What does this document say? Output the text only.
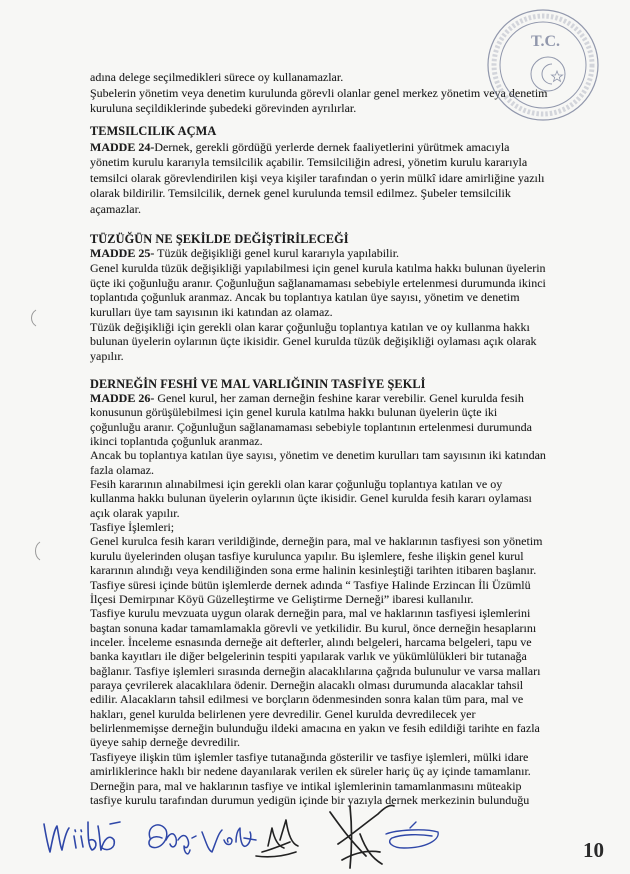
adına delege seçilmedikleri sürece oy kullanamazlar.
Şubelerin yönetim veya denetim kurulunda görevli olanlar genel merkez yönetim veya denetim
kuruluna seçildiklerinde şubedeki görevinden ayrılırlar.
TEMSILCILIK AÇMA
MADDE 24-Dernek, gerekli gördüğü yerlerde dernek faaliyetlerini yürütmek amacıyla
yönetim kurulu kararıyla temsilcilik açabilir. Temsilciliğin adresi, yönetim kurulu kararıyla
temsilci olarak görevlendirilen kişi veya kişiler tarafından o yerin mülkî idare amirliğine yazılı
olarak bildirilir. Temsilcilik, dernek genel kurulunda temsil edilmez. Şubeler temsilcilik
açamazlar.
TÜZÜĞÜN NE ŞEKİLDE DEĞİŞTİRİLECEĞİ
MADDE 25- Tüzük değişikliği genel kurul kararıyla yapılabilir.
Genel kurulda tüzük değişikliği yapılabilmesi için genel kurula katılma hakkı bulunan üyelerin
üçte iki çoğunluğu aranır. Çoğunluğun sağlanamaması sebebiyle ertelenmesi durumunda ikinci
toplantıda çoğunluk aranmaz. Ancak bu toplantıya katılan üye sayısı, yönetim ve denetim
kurulları üye tam sayısının iki katından az olamaz.
Tüzük değişikliği için gerekli olan karar çoğunluğu toplantıya katılan ve oy kullanma hakkı
bulunan üyelerin oylarının üçte ikisidir. Genel kurulda tüzük değişikliği oylaması açık olarak
yapılır.
DERNEĞİN FESHİ VE MAL VARLIĞININ TASFİYE ŞEKLİ
MADDE 26- Genel kurul, her zaman derneğin feshine karar verebilir. Genel kurulda fesih
konusunun görüşülebilmesi için genel kurula katılma hakkı bulunan üyelerin üçte iki
çoğunluğu aranır. Çoğunluğun sağlanamaması sebebiyle toplantının ertelenmesi durumunda
ikinci toplantıda çoğunluk aranmaz.
Ancak bu toplantıya katılan üye sayısı, yönetim ve denetim kurulları tam sayısının iki katından
fazla olamaz.
Fesih kararının alınabilmesi için gerekli olan karar çoğunluğu toplantıya katılan ve oy
kullanma hakkı bulunan üyelerin oylarının üçte ikisidir. Genel kurulda fesih kararı oylaması
açık olarak yapılır.
Tasfiye İşlemleri;
Genel kurulca fesih kararı verildiğinde, derneğin para, mal ve haklarının tasfiyesi son yönetim
kurulu üyelerinden oluşan tasfiye kurulunca yapılır. Bu işlemlere, feshe ilişkin genel kurul
kararının alındığı veya kendiliğinden sona erme halinin kesinleştiği tarihten itibaren başlanır.
Tasfiye süresi içinde bütün işlemlerde dernek adında “ Tasfiye Halinde Erzincan İli Üzümlü
İlçesi Demirpınar Köyü Güzelleştirme ve Geliştirme Derneği” ibaresi kullanılır.
Tasfiye kurulu mevzuata uygun olarak derneğin para, mal ve haklarının tasfiyesi işlemlerini
baştan sonuna kadar tamamlamakla görevli ve yetkilidir. Bu kurul, önce derneğin hesaplarını
inceler. İnceleme esnasında derneğe ait defterler, alındı belgeleri, harcama belgeleri, tapu ve
banka kayıtları ile diğer belgelerinin tespiti yapılarak varlık ve yükümlülükleri bir tutanağa
bağlanır. Tasfiye işlemleri sırasında derneğin alacaklılarına çağrıda bulunulur ve varsa malları
paraya çevrilerek alacaklılara ödenir. Derneğin alacaklı olması durumunda alacaklar tahsil
edilir. Alacakların tahsil edilmesi ve borçların ödenmesinden sonra kalan tüm para, mal ve
hakları, genel kurulda belirlenen yere devredilir. Genel kurulda devredilecek yer
belirlenmemişse derneğin bulunduğu ildeki amacına en yakın ve fesih edildiği tarihte en fazla
üyeye sahip derneğe devredilir.
Tasfiyeye ilişkin tüm işlemler tasfiye tutanağında gösterilir ve tasfiye işlemleri, mülki idare
amirliklerince haklı bir nedene dayanılarak verilen ek süreler hariç üç ay içinde tamamlanır.
Derneğin para, mal ve haklarının tasfiye ve intikal işlemlerinin tamamlanmasını müteakip
tasfiye kurulu tarafından durumun yedigün içinde bir yazıyla dernek merkezinin bulunduğu
10
T.C.
